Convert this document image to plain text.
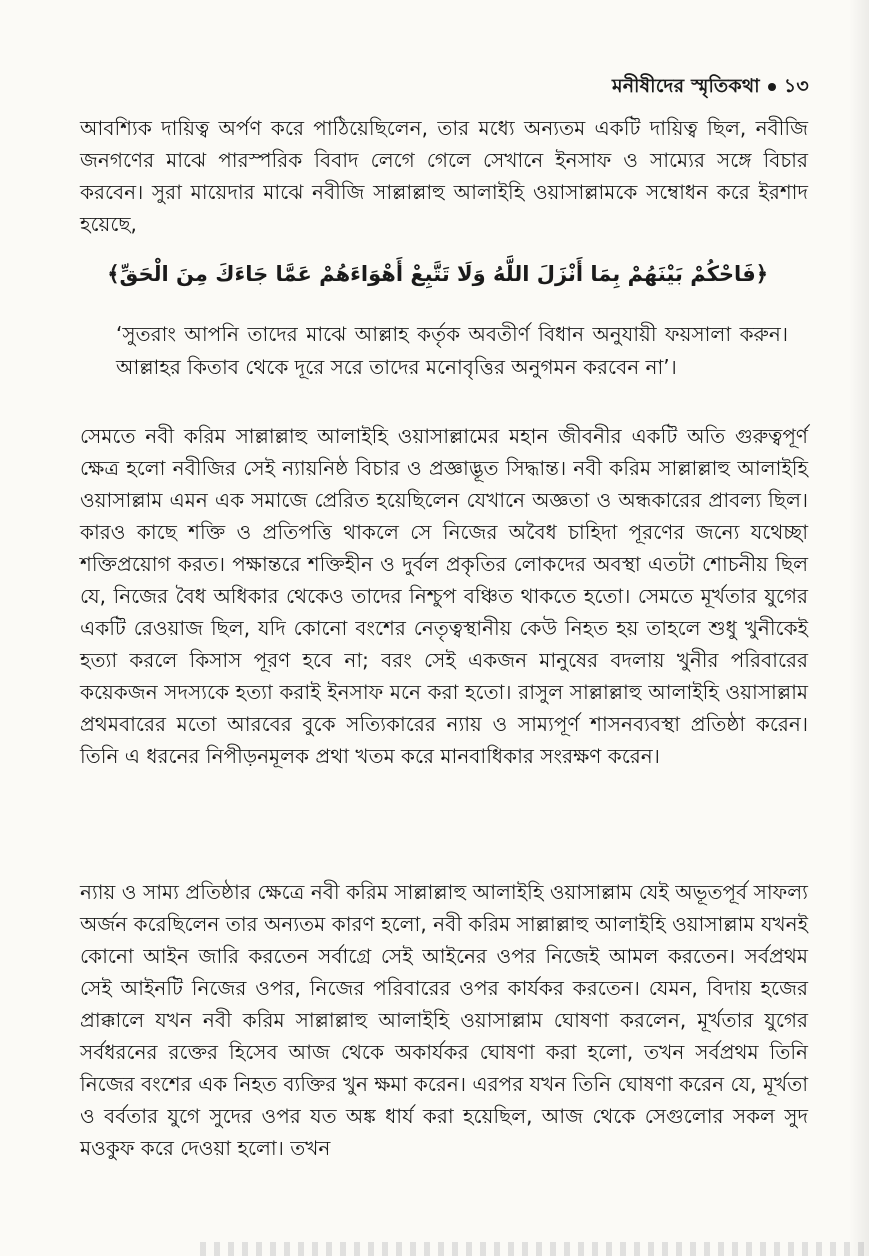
মনীষীদের স্মৃতিকথা ১৩

আবশ্যিক দায়িত্ব অর্পণ করে পাঠিয়েছিলেন, তার মধ্যে অন্যতম একটি দায়িত্ব ছিল, নবীজি জনগণের মাঝে পারস্পরিক বিবাদ লেগে গেলে সেখানে ইনসাফ ও সাম্যের সঙ্গে বিচার করবেন। সুরা মায়েদার মাঝে নবীজি সাল্লাল্লাহু আলাইহি ওয়াসাল্লামকে সম্বোধন করে ইরশাদ হয়েছে,

﴿فَاحْكُمْ بَيْنَهُمْ بِمَا أَنْزَلَ اللَّهُ وَلَا تَتَّبِعْ أَهْوَاءَهُمْ عَمَّا جَاءَكَ مِنَ الْحَقِّ﴾

‘সুতরাং আপনি তাদের মাঝে আল্লাহ কর্তৃক অবতীর্ণ বিধান অনুযায়ী ফয়সালা করুন। আল্লাহর কিতাব থেকে দূরে সরে তাদের মনোবৃত্তির অনুগমন করবেন না’।

সেমতে নবী করিম সাল্লাল্লাহু আলাইহি ওয়াসাল্লামের মহান জীবনীর একটি অতি গুরুত্বপূর্ণ ক্ষেত্র হলো নবীজির সেই ন্যায়নিষ্ঠ বিচার ও প্রজ্ঞাদ্ভূত সিদ্ধান্ত। নবী করিম সাল্লাল্লাহু আলাইহি ওয়াসাল্লাম এমন এক সমাজে প্রেরিত হয়েছিলেন যেখানে অজ্ঞতা ও অন্ধকারের প্রাবল্য ছিল। কারও কাছে শক্তি ও প্রতিপত্তি থাকলে সে নিজের অবৈধ চাহিদা পূরণের জন্যে যথেচ্ছা শক্তিপ্রয়োগ করত। পক্ষান্তরে শক্তিহীন ও দুর্বল প্রকৃতির লোকদের অবস্থা এতটা শোচনীয় ছিল যে, নিজের বৈধ অধিকার থেকেও তাদের নিশ্চুপ বঞ্চিত থাকতে হতো। সেমতে মূর্খতার যুগের একটি রেওয়াজ ছিল, যদি কোনো বংশের নেতৃত্বস্থানীয় কেউ নিহত হয় তাহলে শুধু খুনীকেই হত্যা করলে কিসাস পূরণ হবে না; বরং সেই একজন মানুষের বদলায় খুনীর পরিবারের কয়েকজন সদস্যকে হত্যা করাই ইনসাফ মনে করা হতো। রাসুল সাল্লাল্লাহু আলাইহি ওয়াসাল্লাম প্রথমবারের মতো আরবের বুকে সত্যিকারের ন্যায় ও সাম্যপূর্ণ শাসনব্যবস্থা প্রতিষ্ঠা করেন। তিনি এ ধরনের নিপীড়নমূলক প্রথা খতম করে মানবাধিকার সংরক্ষণ করেন।

ন্যায় ও সাম্য প্রতিষ্ঠার ক্ষেত্রে নবী করিম সাল্লাল্লাহু আলাইহি ওয়াসাল্লাম যেই অভূতপূর্ব সাফল্য অর্জন করেছিলেন তার অন্যতম কারণ হলো, নবী করিম সাল্লাল্লাহু আলাইহি ওয়াসাল্লাম যখনই কোনো আইন জারি করতেন সর্বাগ্রে সেই আইনের ওপর নিজেই আমল করতেন। সর্বপ্রথম সেই আইনটি নিজের ওপর, নিজের পরিবারের ওপর কার্যকর করতেন। যেমন, বিদায় হজের প্রাক্কালে যখন নবী করিম সাল্লাল্লাহু আলাইহি ওয়াসাল্লাম ঘোষণা করলেন, মূর্খতার যুগের সর্বধরনের রক্তের হিসেব আজ থেকে অকার্যকর ঘোষণা করা হলো, তখন সর্বপ্রথম তিনি নিজের বংশের এক নিহত ব্যক্তির খুন ক্ষমা করেন। এরপর যখন তিনি ঘোষণা করেন যে, মূর্খতা ও বর্বতার যুগে সুদের ওপর যত অঙ্ক ধার্য করা হয়েছিল, আজ থেকে সেগুলোর সকল সুদ মওকুফ করে দেওয়া হলো। তখন
